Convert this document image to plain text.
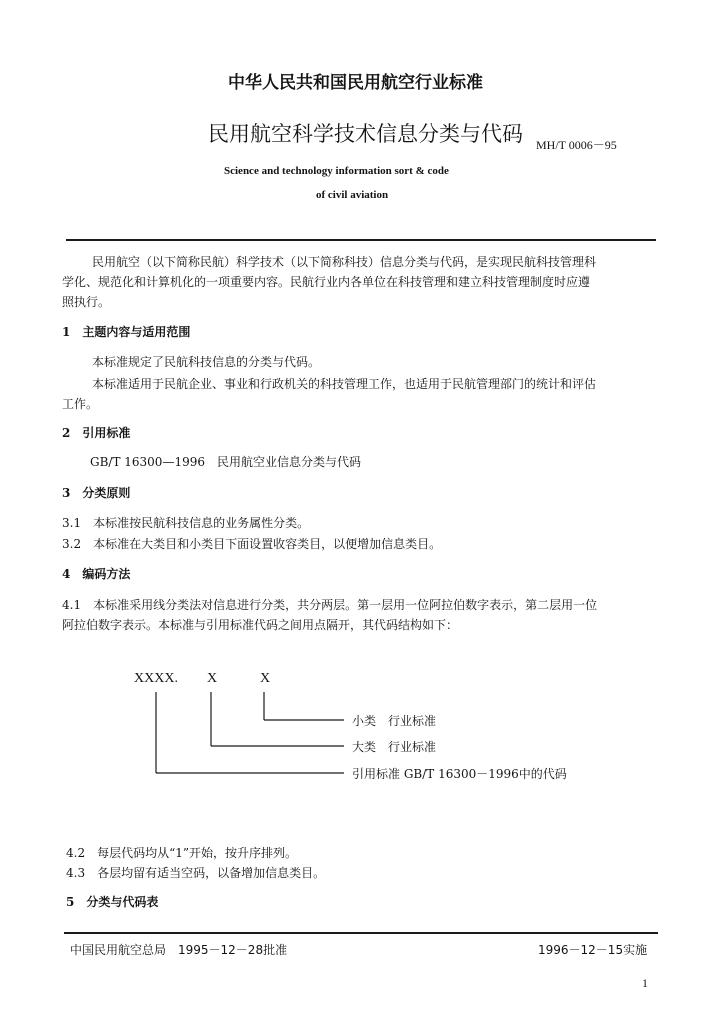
中华人民共和国民用航空行业标准
民用航空科学技术信息分类与代码 MH/T 0006－95
Science and technology information sort & code
of civil aviation
民用航空（以下简称民航）科学技术（以下简称科技）信息分类与代码，是实现民航科技管理科
学化、规范化和计算机化的一项重要内容。民航行业内各单位在科技管理和建立科技管理制度时应遵
照执行。
1　主题内容与适用范围
本标准规定了民航科技信息的分类与代码。
本标准适用于民航企业、事业和行政机关的科技管理工作，也适用于民航管理部门的统计和评估
工作。
2　引用标准
GB/T 16300—1996　民用航空业信息分类与代码
3　分类原则
3.1　本标准按民航科技信息的业务属性分类。
3.2　本标准在大类目和小类目下面设置收容类目，以便增加信息类目。
4　编码方法
4.1　本标准采用线分类法对信息进行分类，共分两层。第一层用一位阿拉伯数字表示，第二层用一位
阿拉伯数字表示。本标准与引用标准代码之间用点隔开，其代码结构如下：
XXXX. X	X
小类　行业标准
大类　行业标准
引用标准 GB/T 16300－1996中的代码
4.2　每层代码均从“1”开始，按升序排列。
4.3　各层均留有适当空码，以备增加信息类目。
5　分类与代码表
中国民用航空总局　1995－12－28批准	1996－12－15实施
1
